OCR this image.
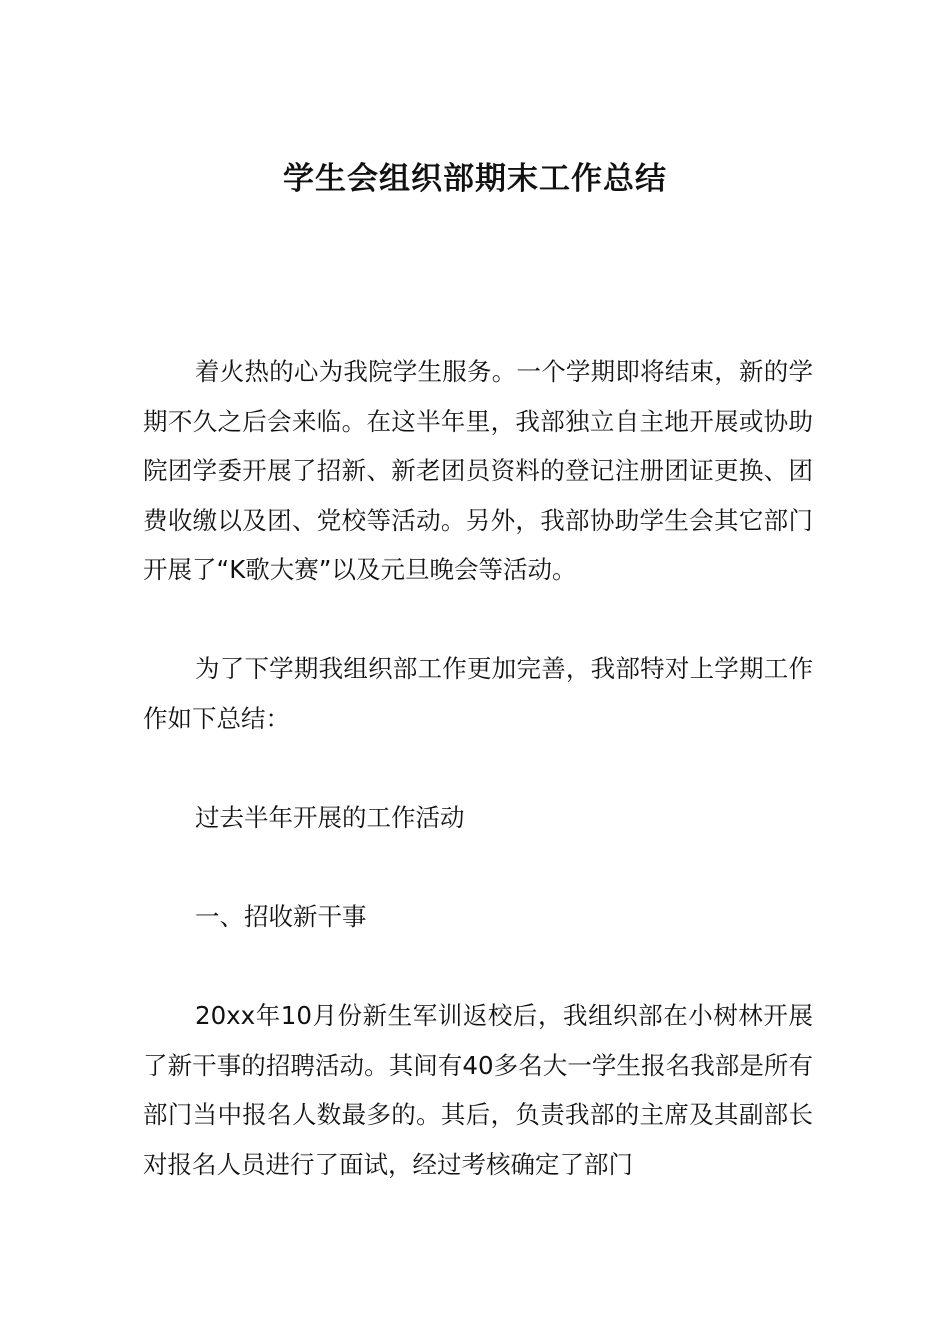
学生会组织部期末工作总结

着火热的心为我院学生服务。一个学期即将结束，新的学期不久之后会来临。在这半年里，我部独立自主地开展或协助院团学委开展了招新、新老团员资料的登记注册团证更换、团费收缴以及团、党校等活动。另外，我部协助学生会其它部门开展了“K歌大赛”以及元旦晚会等活动。

为了下学期我组织部工作更加完善，我部特对上学期工作作如下总结：

过去半年开展的工作活动

一、招收新干事

20xx年10月份新生军训返校后，我组织部在小树林开展了新干事的招聘活动。其间有40多名大一学生报名我部是所有部门当中报名人数最多的。其后，负责我部的主席及其副部长对报名人员进行了面试，经过考核确定了部门
